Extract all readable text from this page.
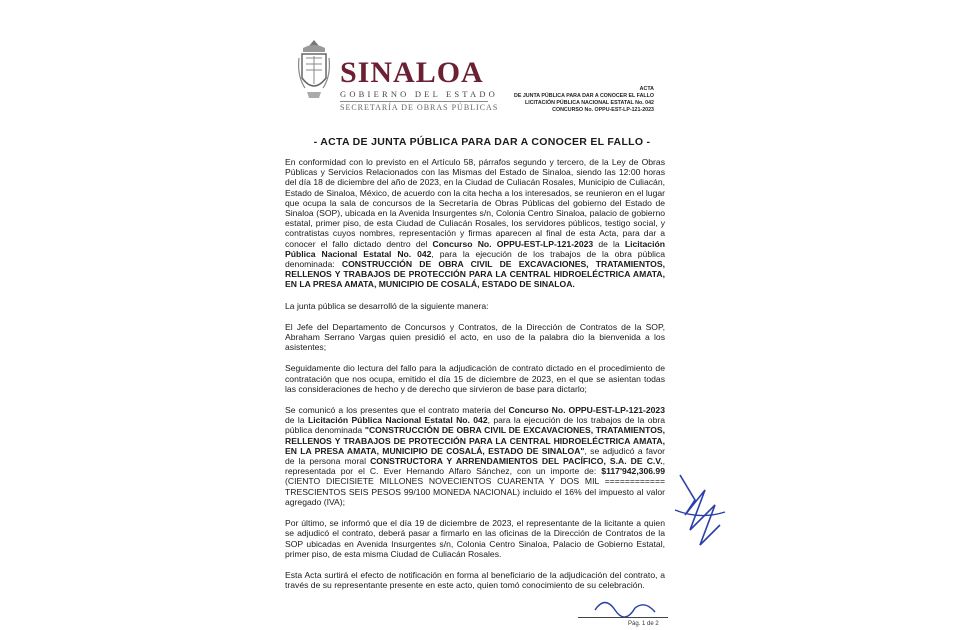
SINALOA
GOBIERNO DEL ESTADO
SECRETARÍA DE OBRAS PÚBLICAS
ACTA
DE JUNTA PÚBLICA PARA DAR A CONOCER EL FALLO
LICITACIÓN PÚBLICA NACIONAL ESTATAL No. 042
CONCURSO No. OPPU-EST-LP-121-2023
- ACTA DE JUNTA PÚBLICA PARA DAR A CONOCER EL FALLO -

En conformidad con lo previsto en el Artículo 58, párrafos segundo y tercero, de la Ley de Obras Públicas y Servicios Relacionados con las Mismas del Estado de Sinaloa, siendo las 12:00 horas del día 18 de diciembre del año de 2023, en la Ciudad de Culiacán Rosales, Municipio de Culiacán, Estado de Sinaloa, México, de acuerdo con la cita hecha a los interesados, se reunieron en el lugar que ocupa la sala de concursos de la Secretaría de Obras Públicas del gobierno del Estado de Sinaloa (SOP), ubicada en la Avenida Insurgentes s/n, Colonia Centro Sinaloa, palacio de gobierno estatal, primer piso, de esta Ciudad de Culiacán Rosales, los servidores públicos, testigo social, y contratistas cuyos nombres, representación y firmas aparecen al final de esta Acta, para dar a conocer el fallo dictado dentro del Concurso No. OPPU-EST-LP-121-2023 de la Licitación Pública Nacional Estatal No. 042, para la ejecución de los trabajos de la obra pública denominada: CONSTRUCCIÓN DE OBRA CIVIL DE EXCAVACIONES, TRATAMIENTOS, RELLENOS Y TRABAJOS DE PROTECCIÓN PARA LA CENTRAL HIDROELÉCTRICA AMATA, EN LA PRESA AMATA, MUNICIPIO DE COSALÁ, ESTADO DE SINALOA.

La junta pública se desarrolló de la siguiente manera:

El Jefe del Departamento de Concursos y Contratos, de la Dirección de Contratos de la SOP, Abraham Serrano Vargas quien presidió el acto, en uso de la palabra dio la bienvenida a los asistentes;

Seguidamente dio lectura del fallo para la adjudicación de contrato dictado en el procedimiento de contratación que nos ocupa, emitido el día 15 de diciembre de 2023, en el que se asientan todas las consideraciones de hecho y de derecho que sirvieron de base para dictarlo;

Se comunicó a los presentes que el contrato materia del Concurso No. OPPU-EST-LP-121-2023 de la Licitación Pública Nacional Estatal No. 042, para la ejecución de los trabajos de la obra pública denominada "CONSTRUCCIÓN DE OBRA CIVIL DE EXCAVACIONES, TRATAMIENTOS, RELLENOS Y TRABAJOS DE PROTECCIÓN PARA LA CENTRAL HIDROELÉCTRICA AMATA, EN LA PRESA AMATA, MUNICIPIO DE COSALÁ, ESTADO DE SINALOA", se adjudicó a favor de la persona moral CONSTRUCTORA Y ARRENDAMIENTOS DEL PACÍFICO, S.A. DE C.V., representada por el C. Ever Hernando Alfaro Sánchez, con un importe de: $117'942,306.99 (CIENTO DIECISIETE MILLONES NOVECIENTOS CUARENTA Y DOS MIL ============ TRESCIENTOS SEIS PESOS 99/100 MONEDA NACIONAL) incluido el 16% del impuesto al valor agregado (IVA);

Por último, se informó que el día 19 de diciembre de 2023, el representante de la licitante a quien se adjudicó el contrato, deberá pasar a firmarlo en las oficinas de la Dirección de Contratos de la SOP ubicadas en Avenida Insurgentes s/n, Colonia Centro Sinaloa, Palacio de Gobierno Estatal, primer piso, de esta misma Ciudad de Culiacán Rosales.

Esta Acta surtirá el efecto de notificación en forma al beneficiario de la adjudicación del contrato, a través de su representante presente en este acto, quien tomó conocimiento de su celebración.

Pág. 1 de 2
